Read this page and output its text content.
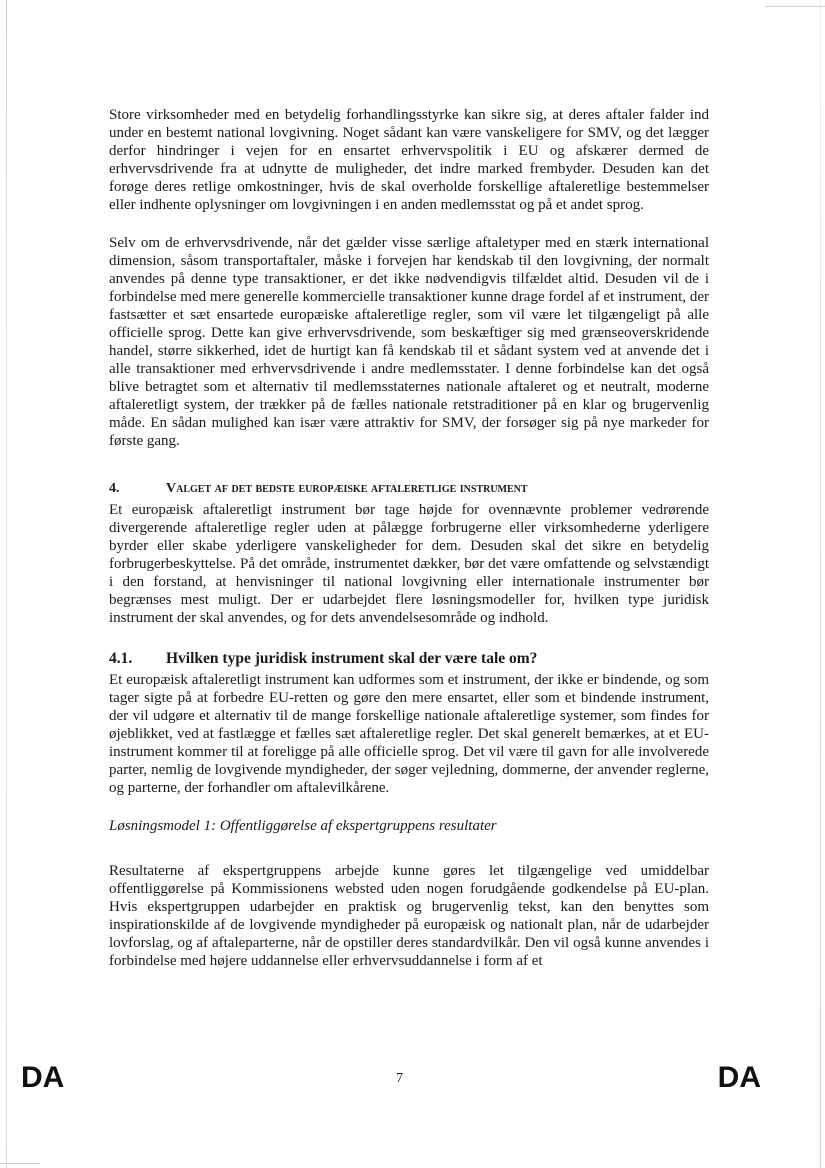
Store virksomheder med en betydelig forhandlingsstyrke kan sikre sig, at deres aftaler falder ind under en bestemt national lovgivning. Noget sådant kan være vanskeligere for SMV, og det lægger derfor hindringer i vejen for en ensartet erhvervspolitik i EU og afskærer dermed de erhvervsdrivende fra at udnytte de muligheder, det indre marked frembyder. Desuden kan det forøge deres retlige omkostninger, hvis de skal overholde forskellige aftaleretlige bestemmelser eller indhente oplysninger om lovgivningen i en anden medlemsstat og på et andet sprog.

Selv om de erhvervsdrivende, når det gælder visse særlige aftaletyper med en stærk international dimension, såsom transportaftaler, måske i forvejen har kendskab til den lovgivning, der normalt anvendes på denne type transaktioner, er det ikke nødvendigvis tilfældet altid. Desuden vil de i forbindelse med mere generelle kommercielle transaktioner kunne drage fordel af et instrument, der fastsætter et sæt ensartede europæiske aftaleretlige regler, som vil være let tilgængeligt på alle officielle sprog. Dette kan give erhvervsdrivende, som beskæftiger sig med grænseoverskridende handel, større sikkerhed, idet de hurtigt kan få kendskab til et sådant system ved at anvende det i alle transaktioner med erhvervsdrivende i andre medlemsstater. I denne forbindelse kan det også blive betragtet som et alternativ til medlemsstaternes nationale aftaleret og et neutralt, moderne aftaleretligt system, der trækker på de fælles nationale retstraditioner på en klar og brugervenlig måde. En sådan mulighed kan især være attraktiv for SMV, der forsøger sig på nye markeder for første gang.

4.	Valget af det bedste europæiske aftaleretlige instrument

Et europæisk aftaleretligt instrument bør tage højde for ovennævnte problemer vedrørende divergerende aftaleretlige regler uden at pålægge forbrugerne eller virksomhederne yderligere byrder eller skabe yderligere vanskeligheder for dem. Desuden skal det sikre en betydelig forbrugerbeskyttelse. På det område, instrumentet dækker, bør det være omfattende og selvstændigt i den forstand, at henvisninger til national lovgivning eller internationale instrumenter bør begrænses mest muligt. Der er udarbejdet flere løsningsmodeller for, hvilken type juridisk instrument der skal anvendes, og for dets anvendelsesområde og indhold.

4.1.	Hvilken type juridisk instrument skal der være tale om?

Et europæisk aftaleretligt instrument kan udformes som et instrument, der ikke er bindende, og som tager sigte på at forbedre EU-retten og gøre den mere ensartet, eller som et bindende instrument, der vil udgøre et alternativ til de mange forskellige nationale aftaleretlige systemer, som findes for øjeblikket, ved at fastlægge et fælles sæt aftaleretlige regler. Det skal generelt bemærkes, at et EU-instrument kommer til at foreligge på alle officielle sprog. Det vil være til gavn for alle involverede parter, nemlig de lovgivende myndigheder, der søger vejledning, dommerne, der anvender reglerne, og parterne, der forhandler om aftalevilkårene.

Løsningsmodel 1: Offentliggørelse af ekspertgruppens resultater

Resultaterne af ekspertgruppens arbejde kunne gøres let tilgængelige ved umiddelbar offentliggørelse på Kommissionens websted uden nogen forudgående godkendelse på EU-plan. Hvis ekspertgruppen udarbejder en praktisk og brugervenlig tekst, kan den benyttes som inspirationskilde af de lovgivende myndigheder på europæisk og nationalt plan, når de udarbejder lovforslag, og af aftaleparterne, når de opstiller deres standardvilkår. Den vil også kunne anvendes i forbindelse med højere uddannelse eller erhvervsuddannelse i form af et

DA	7	DA
